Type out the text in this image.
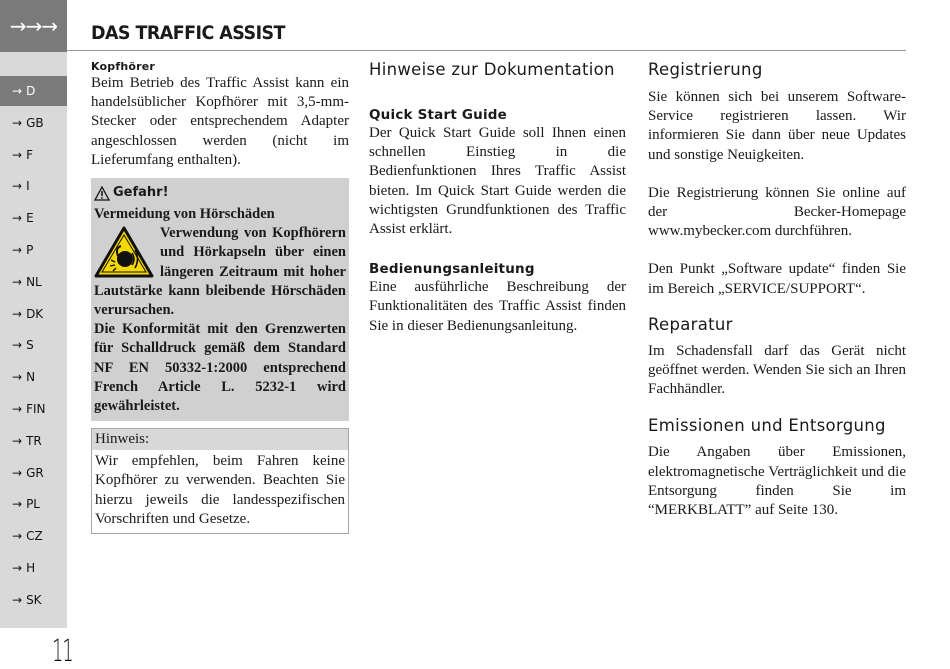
→→→
→ D
→ GB
→ F
→ I
→ E
→ P
→ NL
→ DK
→ S
→ N
→ FIN
→ TR
→ GR
→ PL
→ CZ
→ H
→ SK
11
DAS TRAFFIC ASSIST
Kopfhörer

Beim Betrieb des Traffic Assist kann ein handelsüblicher Kopfhörer mit 3,5-mm-Stecker oder entsprechendem Adapter angeschlossen werden (nicht im Lieferumfang enthalten).

Gefahr!

Vermeidung von Hörschäden

Verwendung von Kopfhörern und Hörkapseln über einen längeren Zeitraum mit hoher Lautstärke kann bleibende Hörschäden verursachen.

Die Konformität mit den Grenzwerten für Schalldruck gemäß dem Standard NF EN 50332-1:2000 entsprechend French Article L. 5232-1 wird gewährleistet.

Hinweis:

Wir empfehlen, beim Fahren keine Kopfhörer zu verwenden. Beachten Sie hierzu jeweils die landesspezifischen Vorschriften und Gesetze.

Hinweise zur Dokumentation
Quick Start Guide

Der Quick Start Guide soll Ihnen einen schnellen Einstieg in die Bedienfunktionen Ihres Traffic Assist bieten. Im Quick Start Guide werden die wichtigsten Grundfunktionen des Traffic Assist erklärt.

Bedienungsanleitung

Eine ausführliche Beschreibung der Funktionalitäten des Traffic Assist finden Sie in dieser Bedienungsanleitung.

Registrierung

Sie können sich bei unserem Software-Service registrieren lassen. Wir informieren Sie dann über neue Updates und sonstige Neuigkeiten.

Die Registrierung können Sie online auf der Becker-Homepage www.mybecker.com durchführen.

Den Punkt „Software update“ finden Sie im Bereich „SERVICE/SUPPORT“.

Reparatur

Im Schadensfall darf das Gerät nicht geöffnet werden. Wenden Sie sich an Ihren Fachhändler.

Emissionen und Entsorgung

Die Angaben über Emissionen, elektromagnetische Verträglichkeit und die Entsorgung finden Sie im “MERKBLATT” auf Seite 130.
